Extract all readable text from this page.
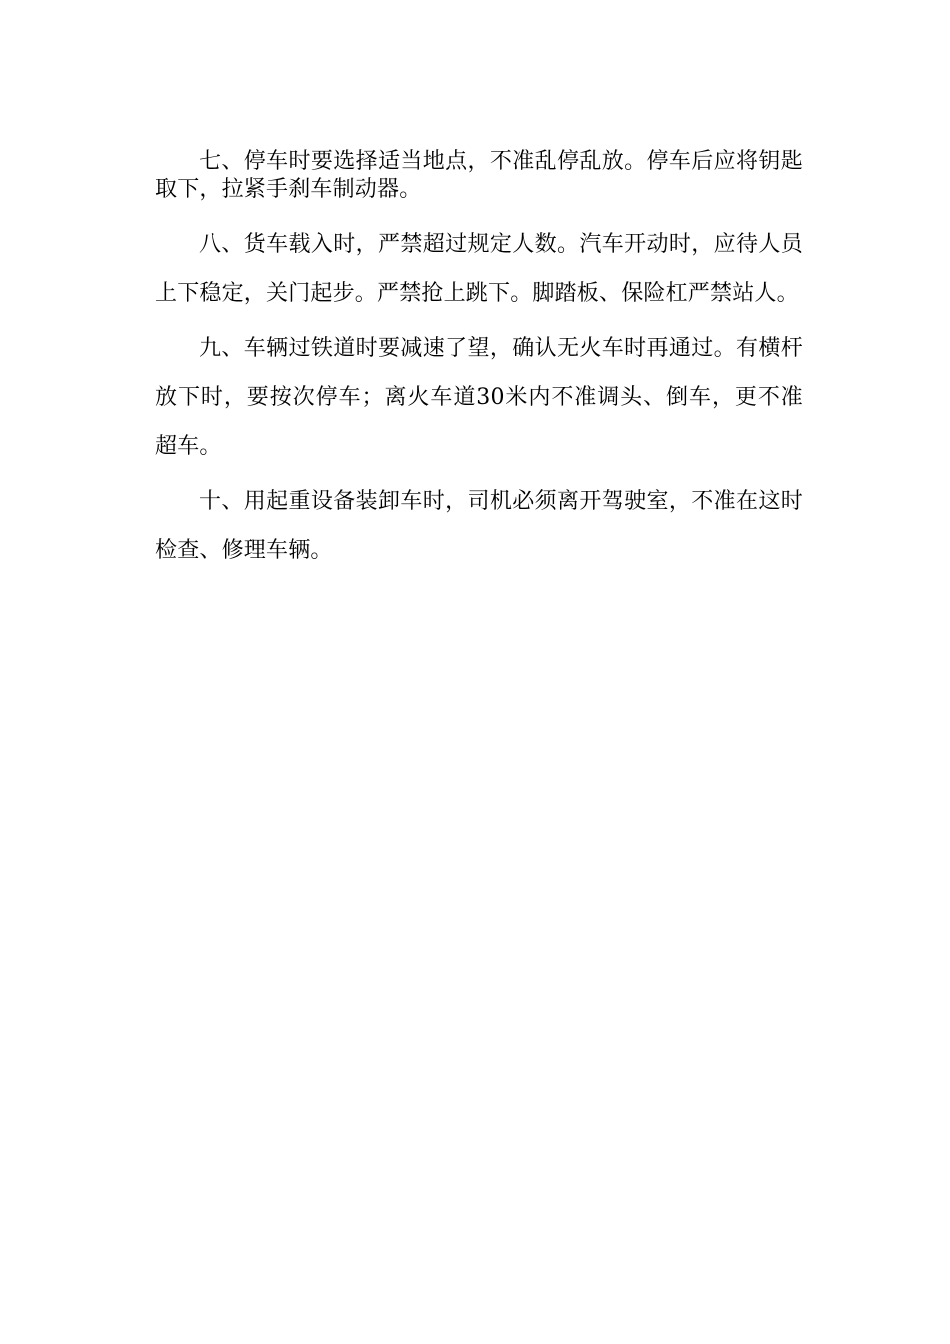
七、停车时要选择适当地点，不准乱停乱放。停车后应将钥匙取下，拉紧手刹车制动器。

八、货车载入时，严禁超过规定人数。汽车开动时，应待人员上下稳定，关门起步。严禁抢上跳下。脚踏板、保险杠严禁站人。

九、车辆过铁道时要减速了望，确认无火车时再通过。有横杆放下时，要按次停车；离火车道30米内不准调头、倒车，更不准超车。

十、用起重设备装卸车时，司机必须离开驾驶室，不准在这时检查、修理车辆。
